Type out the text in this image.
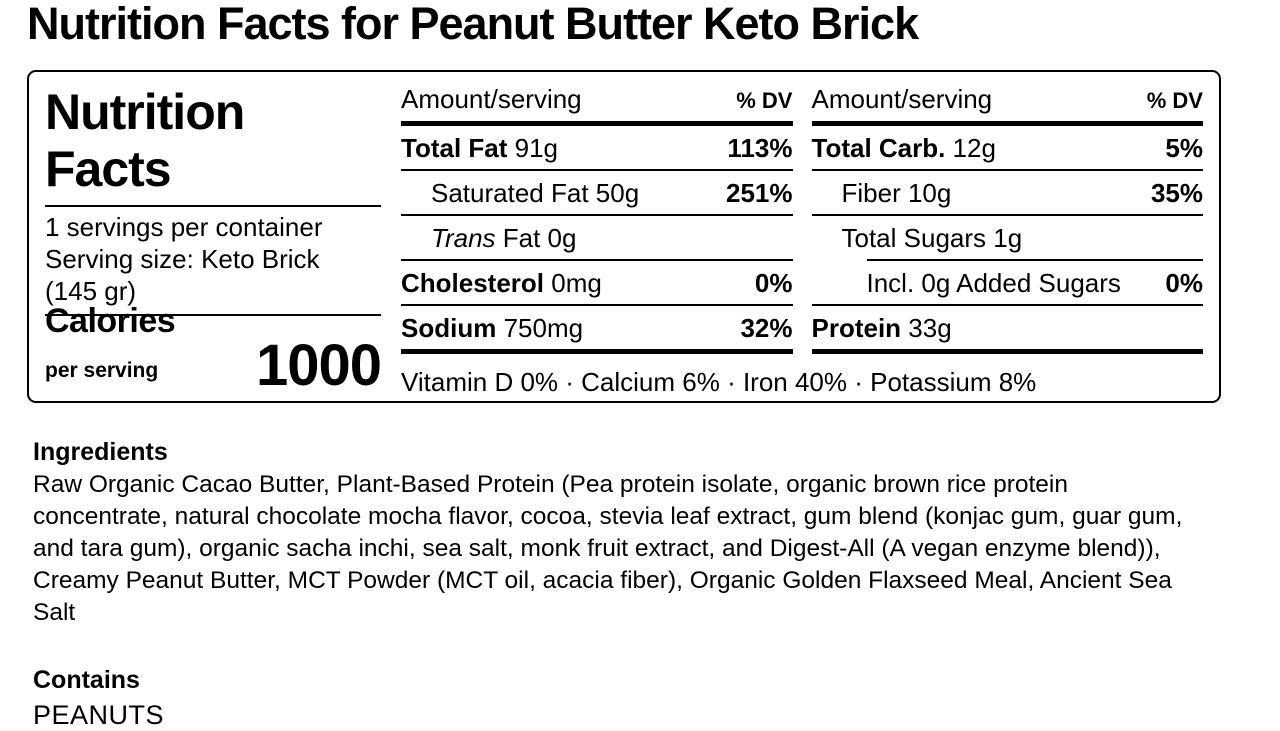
Nutrition Facts for Peanut Butter Keto Brick
Nutrition
Facts
1 servings per container
Serving size: Keto Brick
(145 gr)
Calories
per serving 1000
Amount/serving	% DV
Total Fat 91g	113%
Saturated Fat 50g	251%
Trans Fat 0g
Cholesterol 0mg	0%
Sodium 750mg	32%
Amount/serving	% DV
Total Carb. 12g	5%
Fiber 10g	35%
Total Sugars 1g
Incl. 0g Added Sugars 0%
Protein 33g
Vitamin D 0% · Calcium 6% · Iron 40% · Potassium 8%
Ingredients

Raw Organic Cacao Butter, Plant-Based Protein (Pea protein isolate, organic brown rice protein concentrate, natural chocolate mocha flavor, cocoa, stevia leaf extract, gum blend (konjac gum, guar gum, and tara gum), organic sacha inchi, sea salt, monk fruit extract, and Digest-All (A vegan enzyme blend)), Creamy Peanut Butter, MCT Powder (MCT oil, acacia fiber), Organic Golden Flaxseed Meal, Ancient Sea Salt

Contains
PEANUTS
